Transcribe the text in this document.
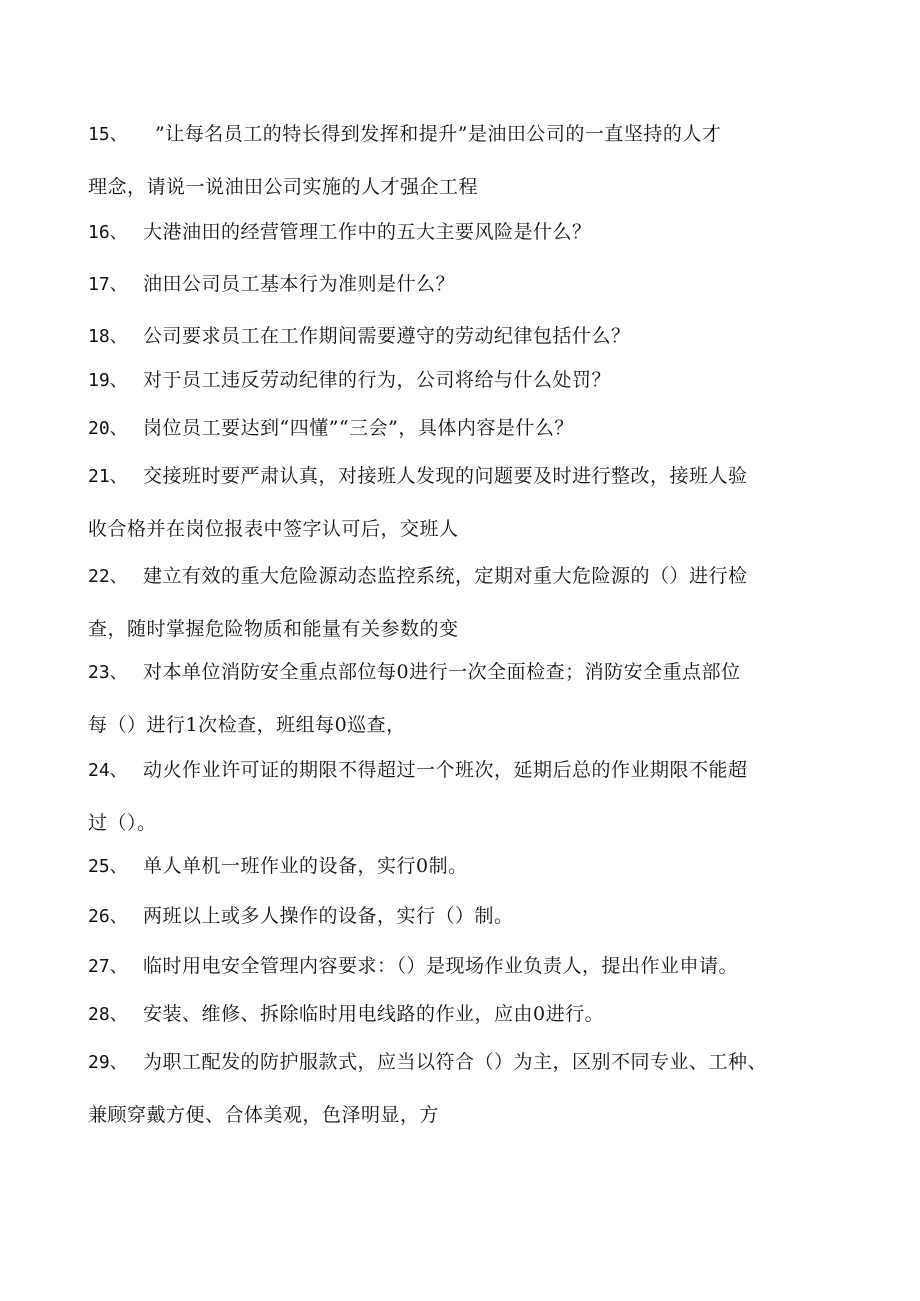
15、 ”让每名员工的特长得到发挥和提升”是油田公司的一直坚持的人才
理念，请说一说油田公司实施的人才强企工程
16、 大港油田的经营管理工作中的五大主要风险是什么？
17、 油田公司员工基本行为准则是什么？
18、 公司要求员工在工作期间需要遵守的劳动纪律包括什么？
19、 对于员工违反劳动纪律的行为，公司将给与什么处罚？
20、 岗位员工要达到“四懂”“三会”，具体内容是什么？
21、 交接班时要严肃认真，对接班人发现的问题要及时进行整改，接班人验
收合格并在岗位报表中签字认可后，交班人
22、 建立有效的重大危险源动态监控系统，定期对重大危险源的（）进行检
查，随时掌握危险物质和能量有关参数的变
23、 对本单位消防安全重点部位每0进行一次全面检查；消防安全重点部位
每（）进行1次检查，班组每0巡查，
24、 动火作业许可证的期限不得超过一个班次，延期后总的作业期限不能超
过（）。
25、 单人单机一班作业的设备，实行0制。
26、 两班以上或多人操作的设备，实行（）制。
27、 临时用电安全管理内容要求：（）是现场作业负责人，提出作业申请。
28、 安装、维修、拆除临时用电线路的作业，应由0进行。
29、 为职工配发的防护服款式，应当以符合（）为主，区别不同专业、工种、
兼顾穿戴方便、合体美观，色泽明显，方
